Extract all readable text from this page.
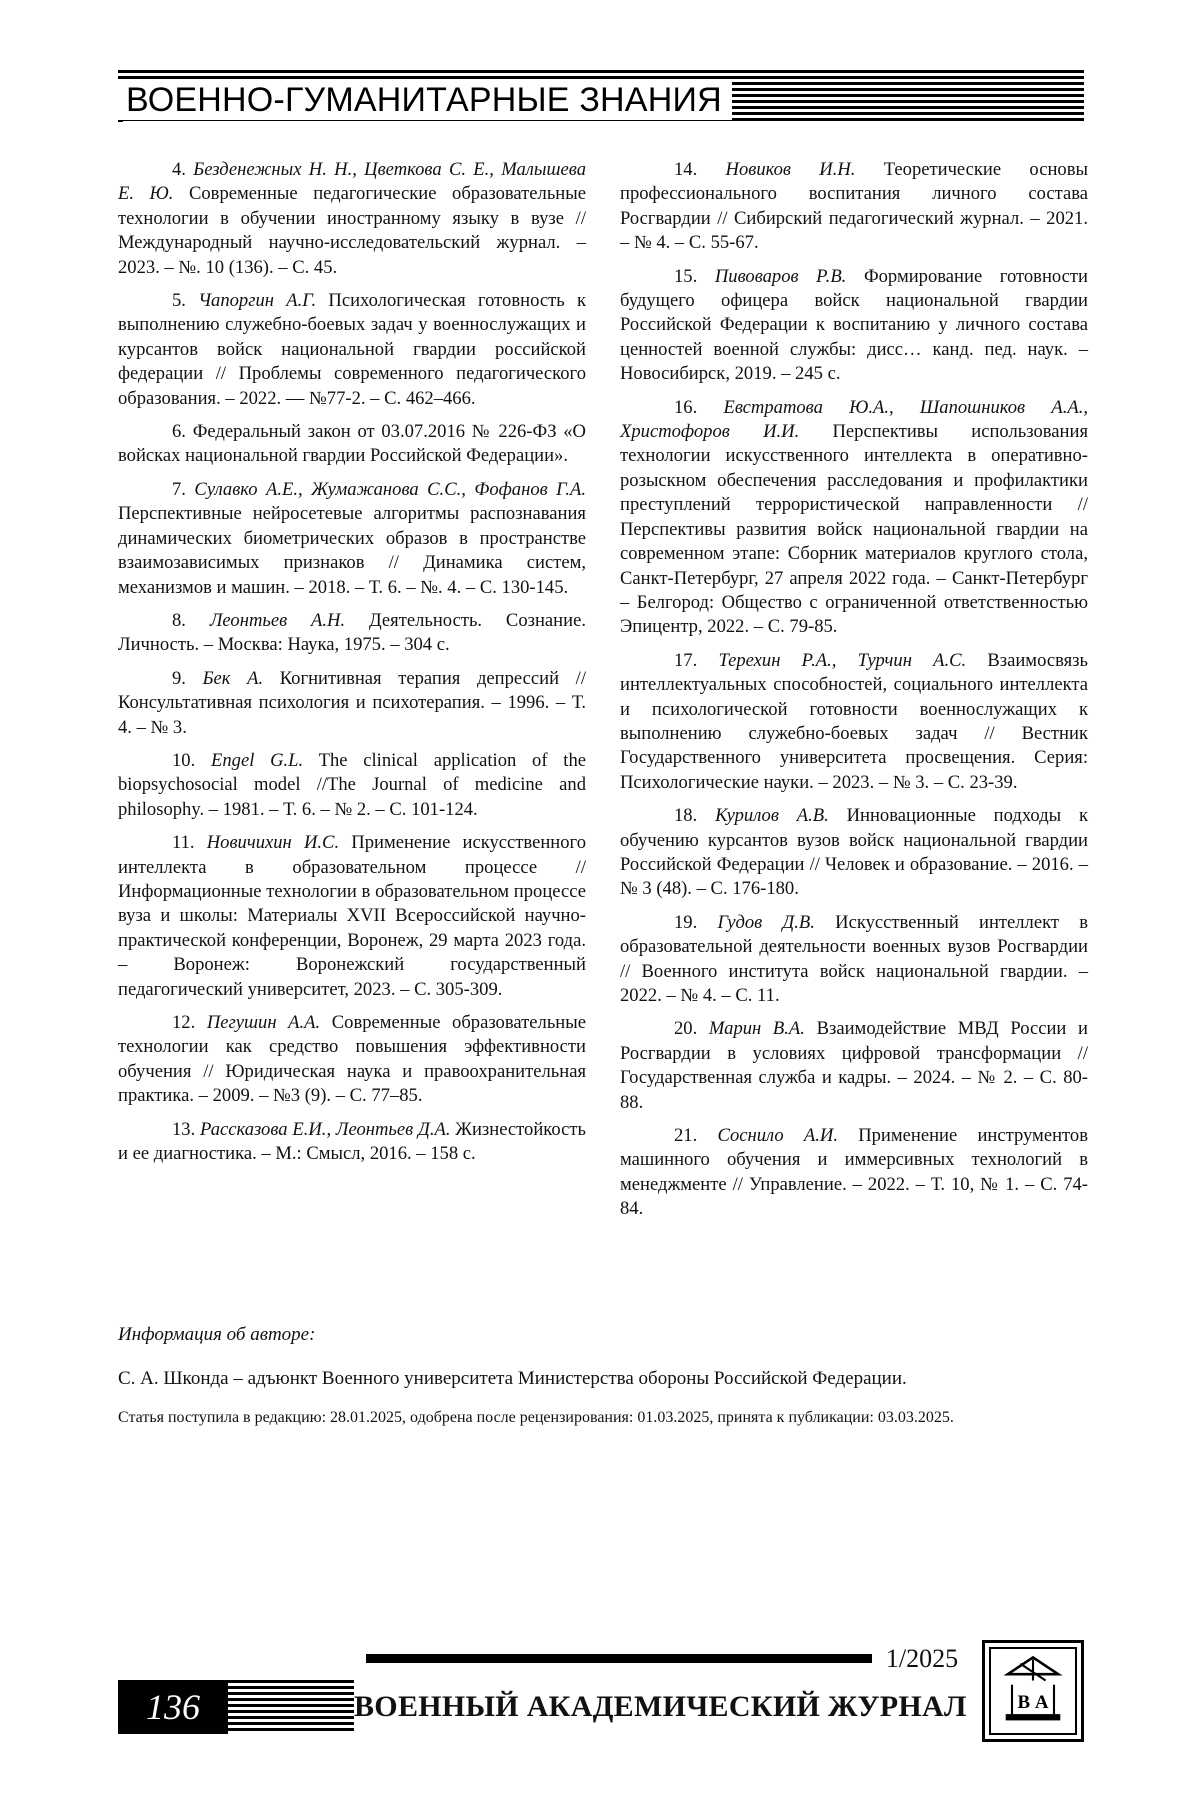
ВОЕННО-ГУМАНИТАРНЫЕ ЗНАНИЯ

4. Безденежных Н. Н., Цветкова С. Е., Малышева Е. Ю. Современные педагогические образовательные технологии в обучении иностранному языку в вузе // Международный научно-исследовательский журнал. – 2023. – №. 10 (136). – С. 45.

5. Чапоргин А.Г. Психологическая готовность к выполнению служебно-боевых задач у военнослужащих и курсантов войск национальной гвардии российской федерации // Проблемы современного педагогического образования. – 2022. — №77-2. – С. 462–466.

6. Федеральный закон от 03.07.2016 № 226-ФЗ «О войсках национальной гвардии Российской Федерации».

7. Сулавко А.Е., Жумажанова С.С., Фофанов Г.А. Перспективные нейросетевые алгоритмы распознавания динамических биометрических образов в пространстве взаимозависимых признаков // Динамика систем, механизмов и машин. – 2018. – Т. 6. – №. 4. – С. 130-145.

8. Леонтьев А.Н. Деятельность. Сознание. Личность. – Москва: Наука, 1975. – 304 с.

9. Бек А. Когнитивная терапия депрессий // Консультативная психология и психотерапия. – 1996. – Т. 4. – № 3.

10. Engel G.L. The clinical application of the biopsychosocial model //The Journal of medicine and philosophy. – 1981. – Т. 6. – № 2. – С. 101-124.

11. Новичихин И.С. Применение искусственного интеллекта в образовательном процессе // Информационные технологии в образовательном процессе вуза и школы: Материалы XVII Всероссийской научно-практической конференции, Воронеж, 29 марта 2023 года. – Воронеж: Воронежский государственный педагогический университет, 2023. – С. 305-309.

12. Пегушин А.А. Современные образовательные технологии как средство повышения эффективности обучения // Юридическая наука и правоохранительная практика. – 2009. – №3 (9). – С. 77–85.

13. Рассказова Е.И., Леонтьев Д.А. Жизнестойкость и ее диагностика. – М.: Смысл, 2016. – 158 с.

14. Новиков И.Н. Теоретические основы профессионального воспитания личного состава Росгвардии // Сибирский педагогический журнал. – 2021. – № 4. – С. 55-67.

15. Пивоваров Р.В. Формирование готовности будущего офицера войск национальной гвардии Российской Федерации к воспитанию у личного состава ценностей военной службы: дисс… канд. пед. наук. – Новосибирск, 2019. – 245 с.

16. Евстратова Ю.А., Шапошников А.А., Христофоров И.И. Перспективы использования технологии искусственного интеллекта в оперативно-розыскном обеспечения расследования и профилактики преступлений террористической направленности // Перспективы развития войск национальной гвардии на современном этапе: Сборник материалов круглого стола, Санкт-Петербург, 27 апреля 2022 года. – Санкт-Петербург – Белгород: Общество с ограниченной ответственностью Эпицентр, 2022. – С. 79-85.

17. Терехин Р.А., Турчин А.С. Взаимосвязь интеллектуальных способностей, социального интеллекта и психологической готовности военнослужащих к выполнению служебно-боевых задач // Вестник Государственного университета просвещения. Серия: Психологические науки. – 2023. – № 3. – С. 23-39.

18. Курилов А.В. Инновационные подходы к обучению курсантов вузов войск национальной гвардии Российской Федерации // Человек и образование. – 2016. – № 3 (48). – С. 176-180.

19. Гудов Д.В. Искусственный интеллект в образовательной деятельности военных вузов Росгвардии // Военного института войск национальной гвардии. – 2022. – № 4. – С. 11.

20. Марин В.А. Взаимодействие МВД России и Росгвардии в условиях цифровой трансформации // Государственная служба и кадры. – 2024. – № 2. – С. 80-88.

21. Соснило А.И. Применение инструментов машинного обучения и иммерсивных технологий в менеджменте // Управление. – 2022. – Т. 10, № 1. – С. 74-84.

Информация об авторе:
С. А. Шконда – адъюнкт Военного университета Министерства обороны Российской Федерации.
Статья поступила в редакцию: 28.01.2025, одобрена после рецензирования: 01.03.2025, принята к публикации: 03.03.2025.
1/2025
136	ВОЕННЫЙ АКАДЕМИЧЕСКИЙ ЖУРНАЛ	В А
